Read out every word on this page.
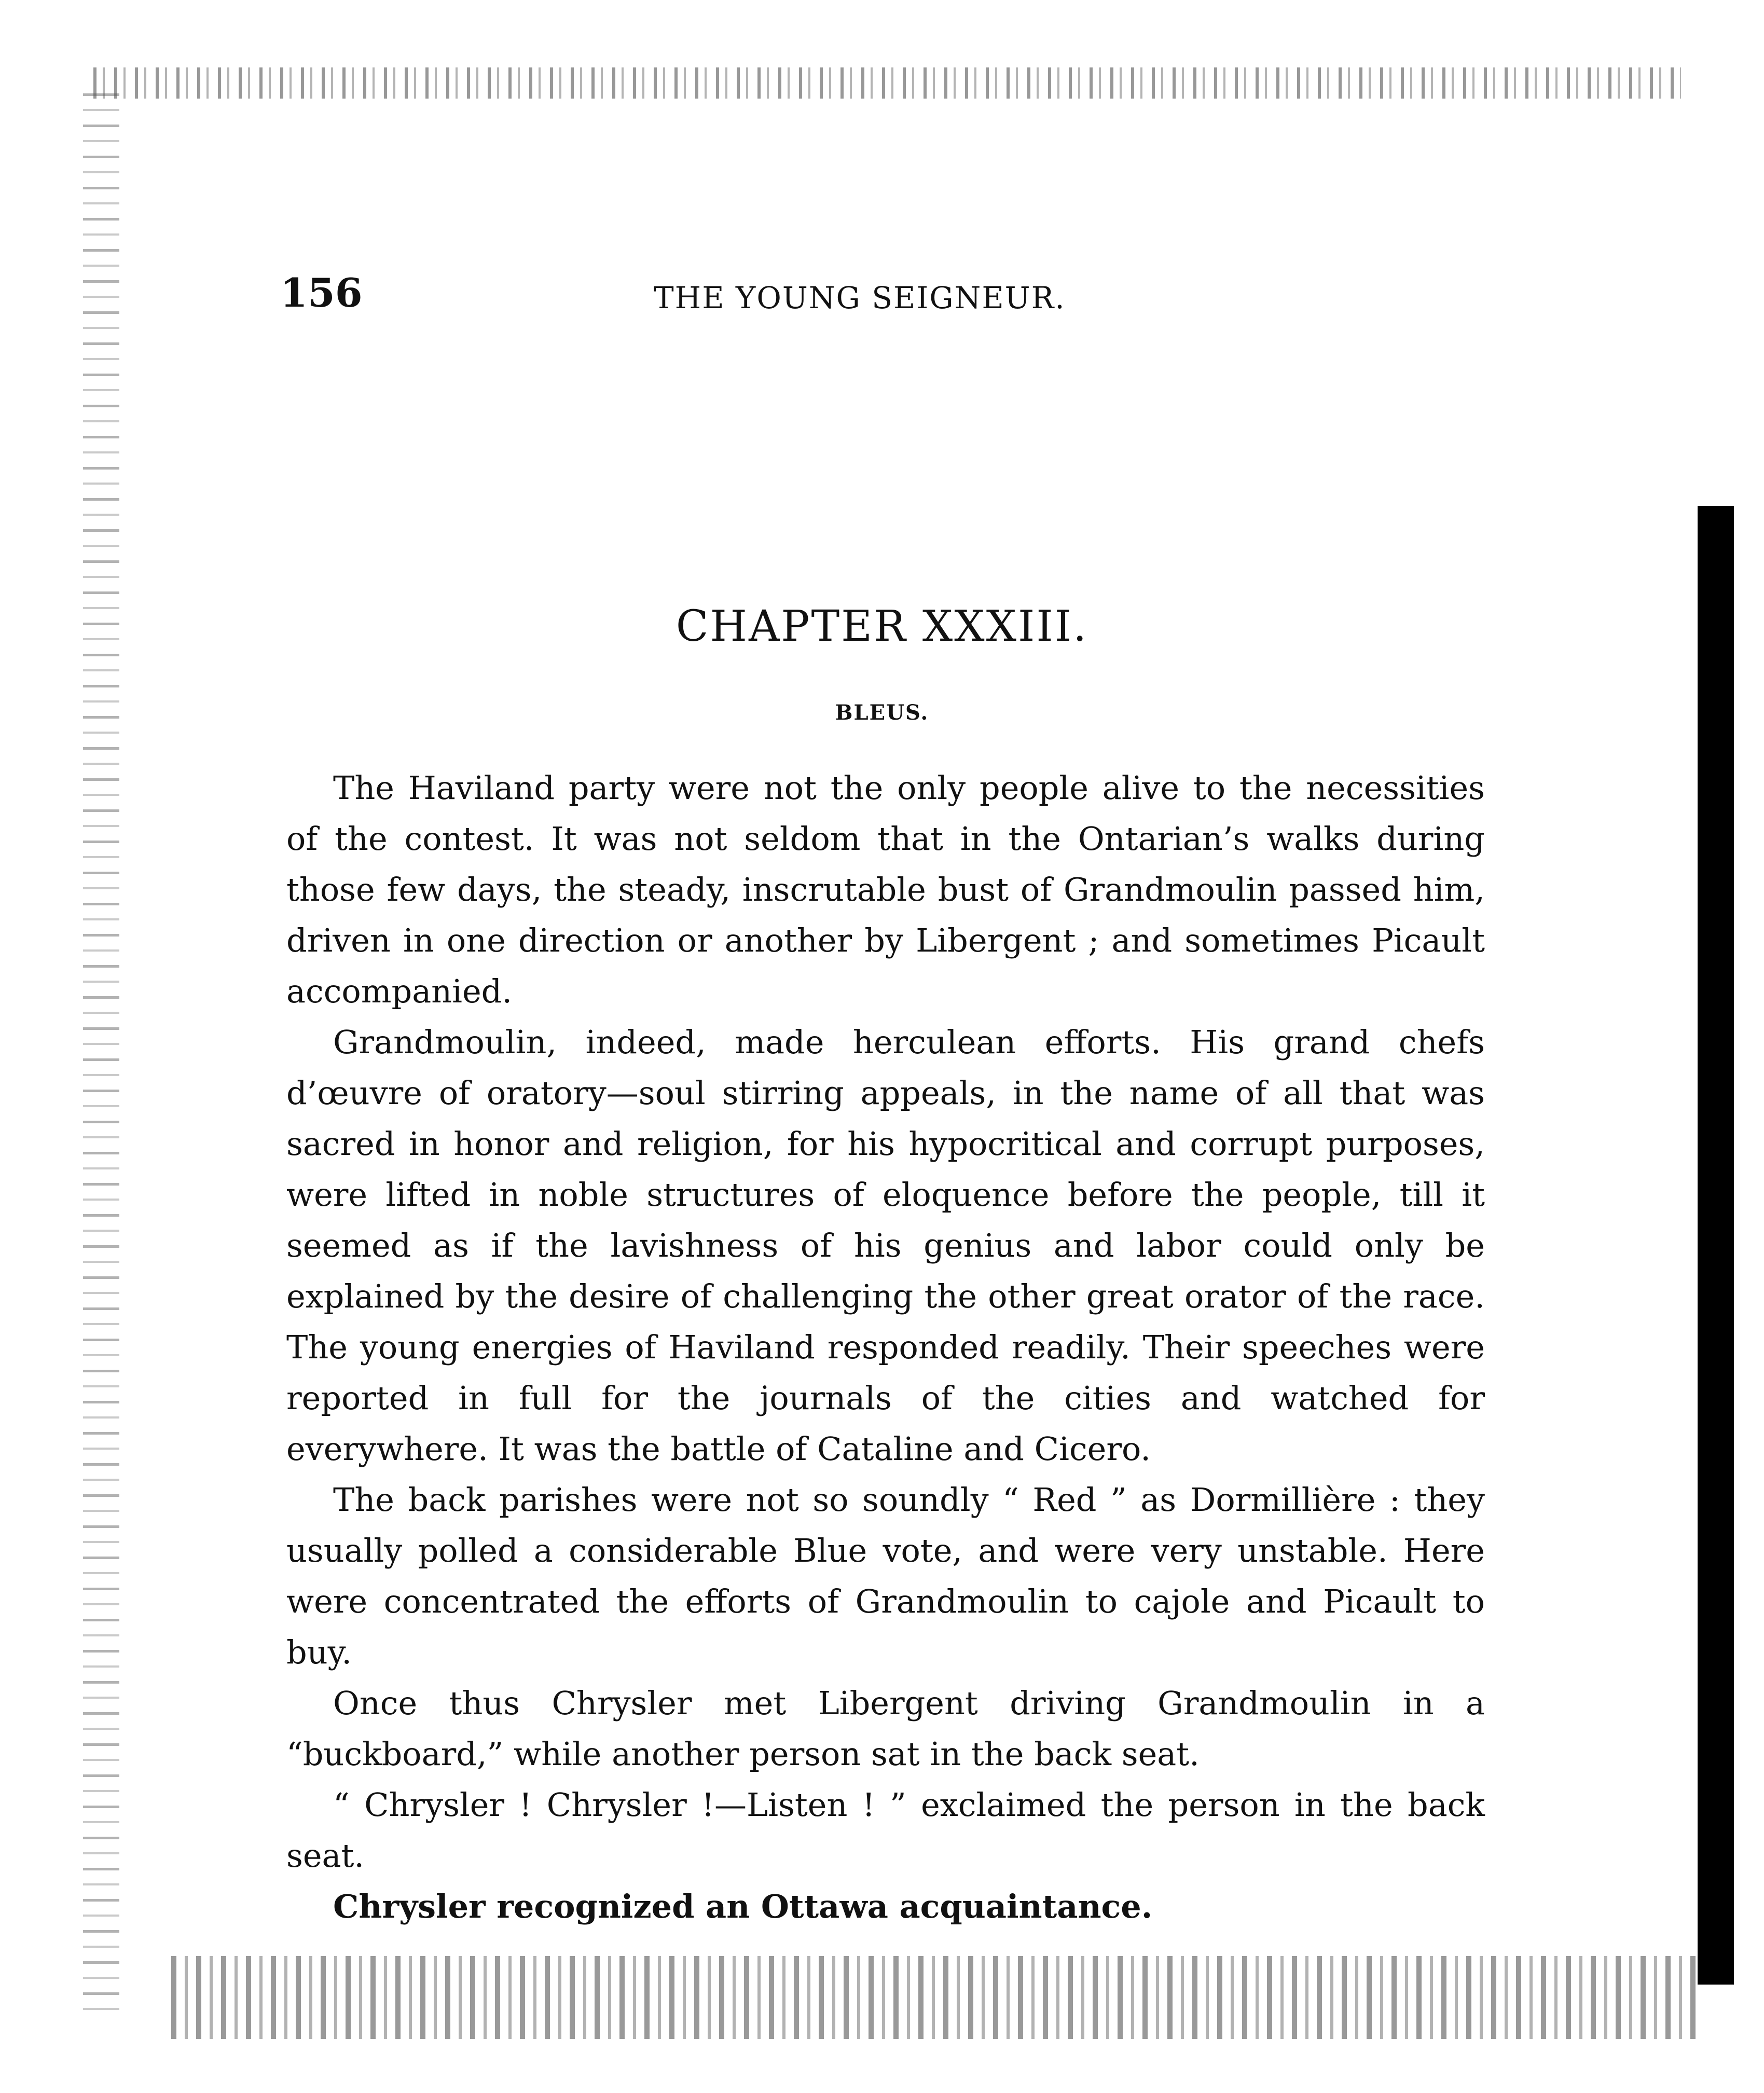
156	THE YOUNG SEIGNEUR.
CHAPTER XXXIII.
BLEUS.

The Haviland party were not the only people alive to the necessities of the contest. It was not seldom that in the Ontarian’s walks during those few days, the steady, inscrutable bust of Grandmoulin passed him, driven in one direction or another by Libergent ; and sometimes Picault accompanied.

Grandmoulin, indeed, made herculean efforts. His grand chefs d’œuvre of oratory—soul stirring appeals, in the name of all that was sacred in honor and religion, for his hypocritical and corrupt purposes, were lifted in noble structures of eloquence before the people, till it seemed as if the lavishness of his genius and labor could only be explained by the desire of challenging the other great orator of the race. The young energies of Haviland responded readily. Their speeches were reported in full for the journals of the cities and watched for everywhere. It was the battle of Cataline and Cicero.

The back parishes were not so soundly “ Red ” as Dormillière : they usually polled a considerable Blue vote, and were very unstable. Here were concentrated the efforts of Grandmoulin to cajole and Picault to buy.

Once thus Chrysler met Libergent driving Grandmoulin in a “buckboard,” while another person sat in the back seat.

“ Chrysler ! Chrysler !—Listen ! ” exclaimed the person in the back seat.

Chrysler recognized an Ottawa acquaintance.
